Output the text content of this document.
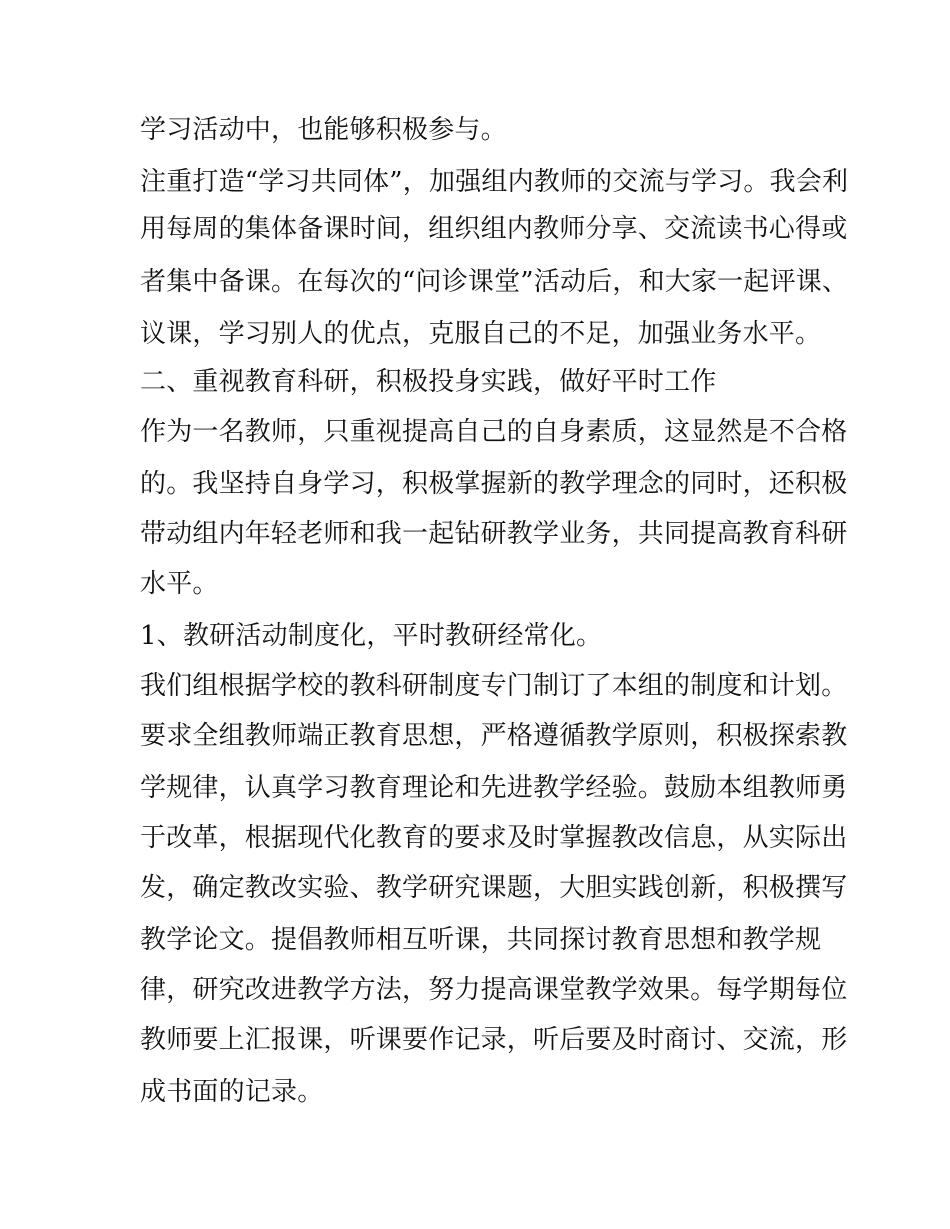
学习活动中，也能够积极参与。
注重打造“学习共同体”，加强组内教师的交流与学习。我会利
用每周的集体备课时间，组织组内教师分享、交流读书心得或
者集中备课。在每次的“问诊课堂”活动后，和大家一起评课、
议课，学习别人的优点，克服自己的不足，加强业务水平。
二、重视教育科研，积极投身实践，做好平时工作
作为一名教师，只重视提高自己的自身素质，这显然是不合格
的。我坚持自身学习，积极掌握新的教学理念的同时，还积极
带动组内年轻老师和我一起钻研教学业务，共同提高教育科研
水平。
1、教研活动制度化，平时教研经常化。
我们组根据学校的教科研制度专门制订了本组的制度和计划。
要求全组教师端正教育思想，严格遵循教学原则，积极探索教
学规律，认真学习教育理论和先进教学经验。鼓励本组教师勇
于改革，根据现代化教育的要求及时掌握教改信息，从实际出
发，确定教改实验、教学研究课题，大胆实践创新，积极撰写
教学论文。提倡教师相互听课，共同探讨教育思想和教学规
律，研究改进教学方法，努力提高课堂教学效果。每学期每位
教师要上汇报课，听课要作记录，听后要及时商讨、交流，形
成书面的记录。
